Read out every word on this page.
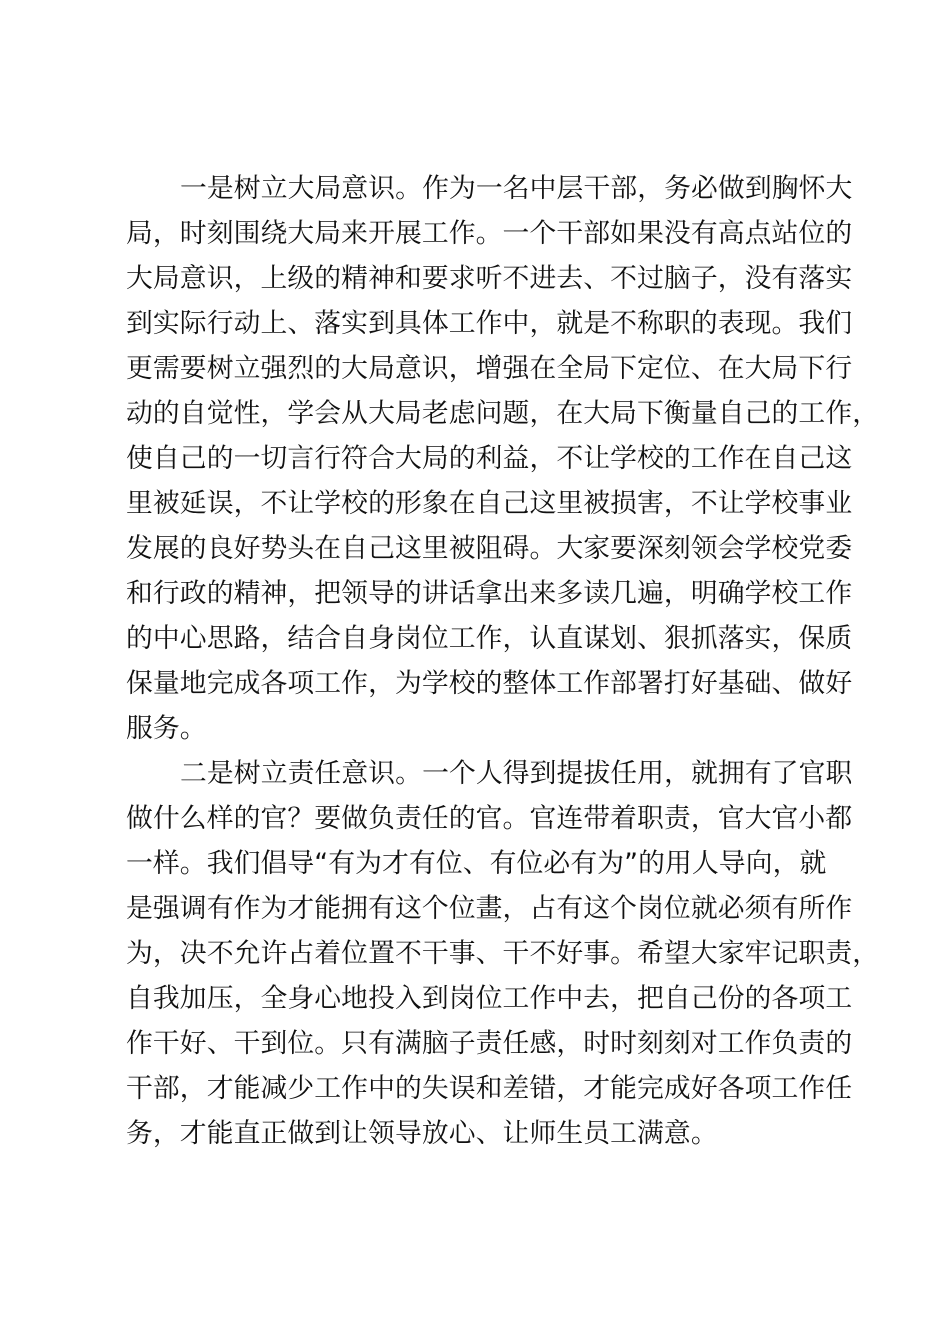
一是树立大局意识。作为一名中层干部，务必做到胸怀大
局，时刻围绕大局来开展工作。一个干部如果没有高点站位的
大局意识，上级的精神和要求听不进去、不过脑子，没有落实
到实际行动上、落实到具体工作中，就是不称职的表现。我们
更需要树立强烈的大局意识，增强在全局下定位、在大局下行
动的自觉性，学会从大局老虑问题，在大局下衡量自己的工作，
使自己的一切言行符合大局的利益，不让学校的工作在自己这
里被延误，不让学校的形象在自己这里被损害，不让学校事业
发展的良好势头在自己这里被阻碍。大家要深刻领会学校党委
和行政的精神，把领导的讲话拿出来多读几遍，明确学校工作
的中心思路，结合自身岗位工作，认直谋划、狠抓落实，保质
保量地完成各项工作，为学校的整体工作部署打好基础、做好
服务。
二是树立责任意识。一个人得到提拔任用，就拥有了官职
做什么样的官？要做负责任的官。官连带着职责，官大官小都
一样。我们倡导“有为才有位、有位必有为”的用人导向，就
是强调有作为才能拥有这个位畫，占有这个岗位就必须有所作
为，决不允许占着位置不干事、干不好事。希望大家牢记职责，
自我加压，全身心地投入到岗位工作中去，把自己份的各项工
作干好、干到位。只有满脑子责任感，时时刻刻对工作负责的
干部，才能减少工作中的失误和差错，才能完成好各项工作任
务，才能直正做到让领导放心、让师生员工满意。
